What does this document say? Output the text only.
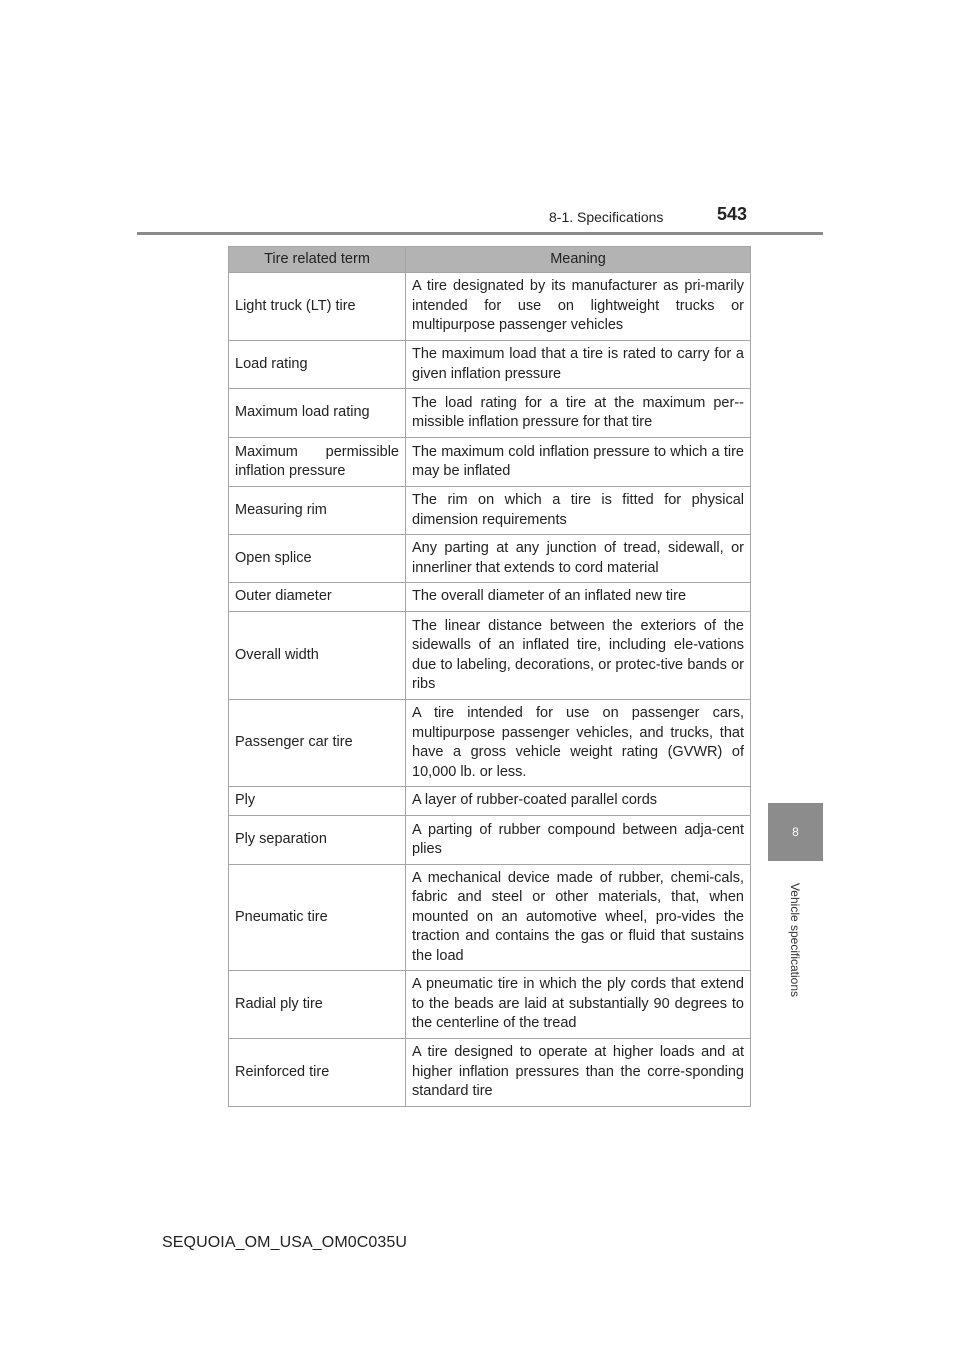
8-1. Specifications	543
8
Vehicle specifications
Tire related term	Meaning
Light truck (LT) tire	A tire designated by its manufacturer as pri-marily intended for use on lightweight trucks or multipurpose passenger vehicles
Load rating	The maximum load that a tire is rated to carry for a given inflation pressure
Maximum load rating	The load rating for a tire at the maximum per-missible inflation pressure for that tire
Maximum permissible inflation pressure	The maximum cold inflation pressure to which a tire may be inflated
Measuring rim	The rim on which a tire is fitted for physical dimension requirements
Open splice	Any parting at any junction of tread, sidewall, or innerliner that extends to cord material
Outer diameter	The overall diameter of an inflated new tire
Overall width	The linear distance between the exteriors of the sidewalls of an inflated tire, including ele-vations due to labeling, decorations, or protec-tive bands or ribs
Passenger car tire	A tire intended for use on passenger cars, multipurpose passenger vehicles, and trucks, that have a gross vehicle weight rating (GVWR) of 10,000 lb. or less.
Ply	A layer of rubber-coated parallel cords
Ply separation	A parting of rubber compound between adja-cent plies
Pneumatic tire	A mechanical device made of rubber, chemi-cals, fabric and steel or other materials, that, when mounted on an automotive wheel, pro-vides the traction and contains the gas or fluid that sustains the load
Radial ply tire	A pneumatic tire in which the ply cords that extend to the beads are laid at substantially 90 degrees to the centerline of the tread
Reinforced tire	A tire designed to operate at higher loads and at higher inflation pressures than the corre-sponding standard tire
SEQUOIA_OM_USA_OM0C035U
